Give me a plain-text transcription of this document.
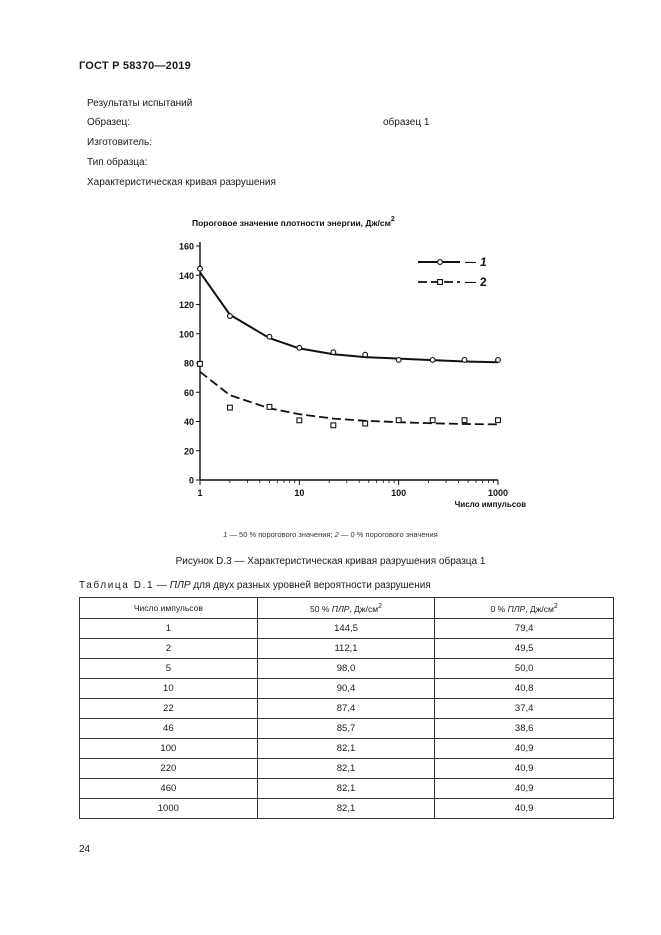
ГОСТ Р 58370—2019
Результаты испытаний
Образец:	образец 1
Изготовитель:
Тип образца:
Характеристическая кривая разрушения
0
20
40
60
80
100
120
140
160
1	10	100	1000
Пороговое значение плотности энергии, $Дж/см^2$
Число импульсов
— 1
— 2
1 — 50 % порогового значения; 2 — 0 % порогового значения
Рисунок D.3 — Характеристическая кривая разрушения образца 1
Таблица D.1 — ПЛР для двух разных уровней вероятности разрушения
Число импульсов	50 % ПЛР, $Дж/см^2$	0 % ПЛР, $Дж/см^2$
1	144,5	79,4
2	112,1	49,5
5	98,0	50,0
10	90,4	40,8
22	87,4	37,4
46	85,7	38,6
100	82,1	40,9
220	82,1	40,9
460	82,1	40,9
1000	82,1	40,9
24
